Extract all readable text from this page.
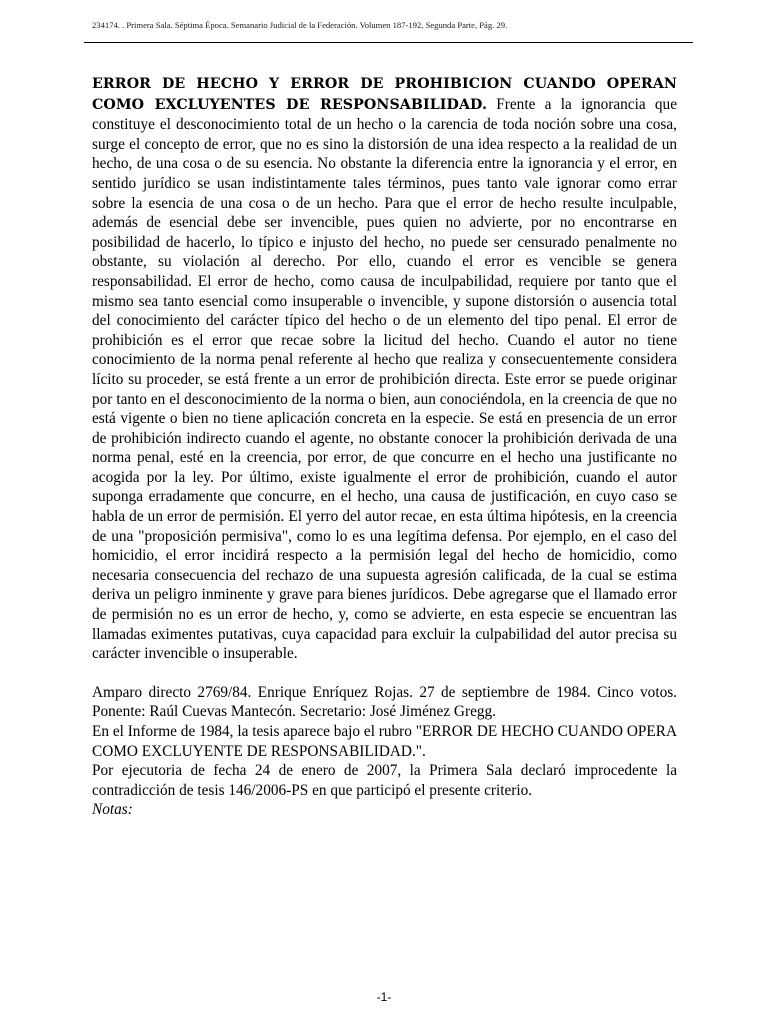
234174. . Primera Sala. Séptima Época. Semanario Judicial de la Federación. Volumen 187-192, Segunda Parte, Pág. 29.

ERROR DE HECHO Y ERROR DE PROHIBICION CUANDO OPERAN COMO EXCLUYENTES DE RESPONSABILIDAD. Frente a la ignorancia que constituye el desconocimiento total de un hecho o la carencia de toda noción sobre una cosa, surge el concepto de error, que no es sino la distorsión de una idea respecto a la realidad de un hecho, de una cosa o de su esencia. No obstante la diferencia entre la ignorancia y el error, en sentido jurídico se usan indistintamente tales términos, pues tanto vale ignorar como errar sobre la esencia de una cosa o de un hecho. Para que el error de hecho resulte inculpable, además de esencial debe ser invencible, pues quien no advierte, por no encontrarse en posibilidad de hacerlo, lo típico e injusto del hecho, no puede ser censurado penalmente no obstante, su violación al derecho. Por ello, cuando el error es vencible se genera responsabilidad. El error de hecho, como causa de inculpabilidad, requiere por tanto que el mismo sea tanto esencial como insuperable o invencible, y supone distorsión o ausencia total del conocimiento del carácter típico del hecho o de un elemento del tipo penal. El error de prohibición es el error que recae sobre la licitud del hecho. Cuando el autor no tiene conocimiento de la norma penal referente al hecho que realiza y consecuentemente considera lícito su proceder, se está frente a un error de prohibición directa. Este error se puede originar por tanto en el desconocimiento de la norma o bien, aun conociéndola, en la creencia de que no está vigente o bien no tiene aplicación concreta en la especie. Se está en presencia de un error de prohibición indirecto cuando el agente, no obstante conocer la prohibición derivada de una norma penal, esté en la creencia, por error, de que concurre en el hecho una justificante no acogida por la ley. Por último, existe igualmente el error de prohibición, cuando el autor suponga erradamente que concurre, en el hecho, una causa de justificación, en cuyo caso se habla de un error de permisión. El yerro del autor recae, en esta última hipótesis, en la creencia de una "proposición permisiva", como lo es una legítima defensa. Por ejemplo, en el caso del homicidio, el error incidirá respecto a la permisión legal del hecho de homicidio, como necesaria consecuencia del rechazo de una supuesta agresión calificada, de la cual se estima deriva un peligro inminente y grave para bienes jurídicos. Debe agregarse que el llamado error de permisión no es un error de hecho, y, como se advierte, en esta especie se encuentran las llamadas eximentes putativas, cuya capacidad para excluir la culpabilidad del autor precisa su carácter invencible o insuperable.

Amparo directo 2769/84. Enrique Enríquez Rojas. 27 de septiembre de 1984. Cinco votos. Ponente: Raúl Cuevas Mantecón. Secretario: José Jiménez Gregg.

En el Informe de 1984, la tesis aparece bajo el rubro "ERROR DE HECHO CUANDO OPERA COMO EXCLUYENTE DE RESPONSABILIDAD.".

Por ejecutoria de fecha 24 de enero de 2007, la Primera Sala declaró improcedente la contradicción de tesis 146/2006-PS en que participó el presente criterio.

Notas:

-1-
